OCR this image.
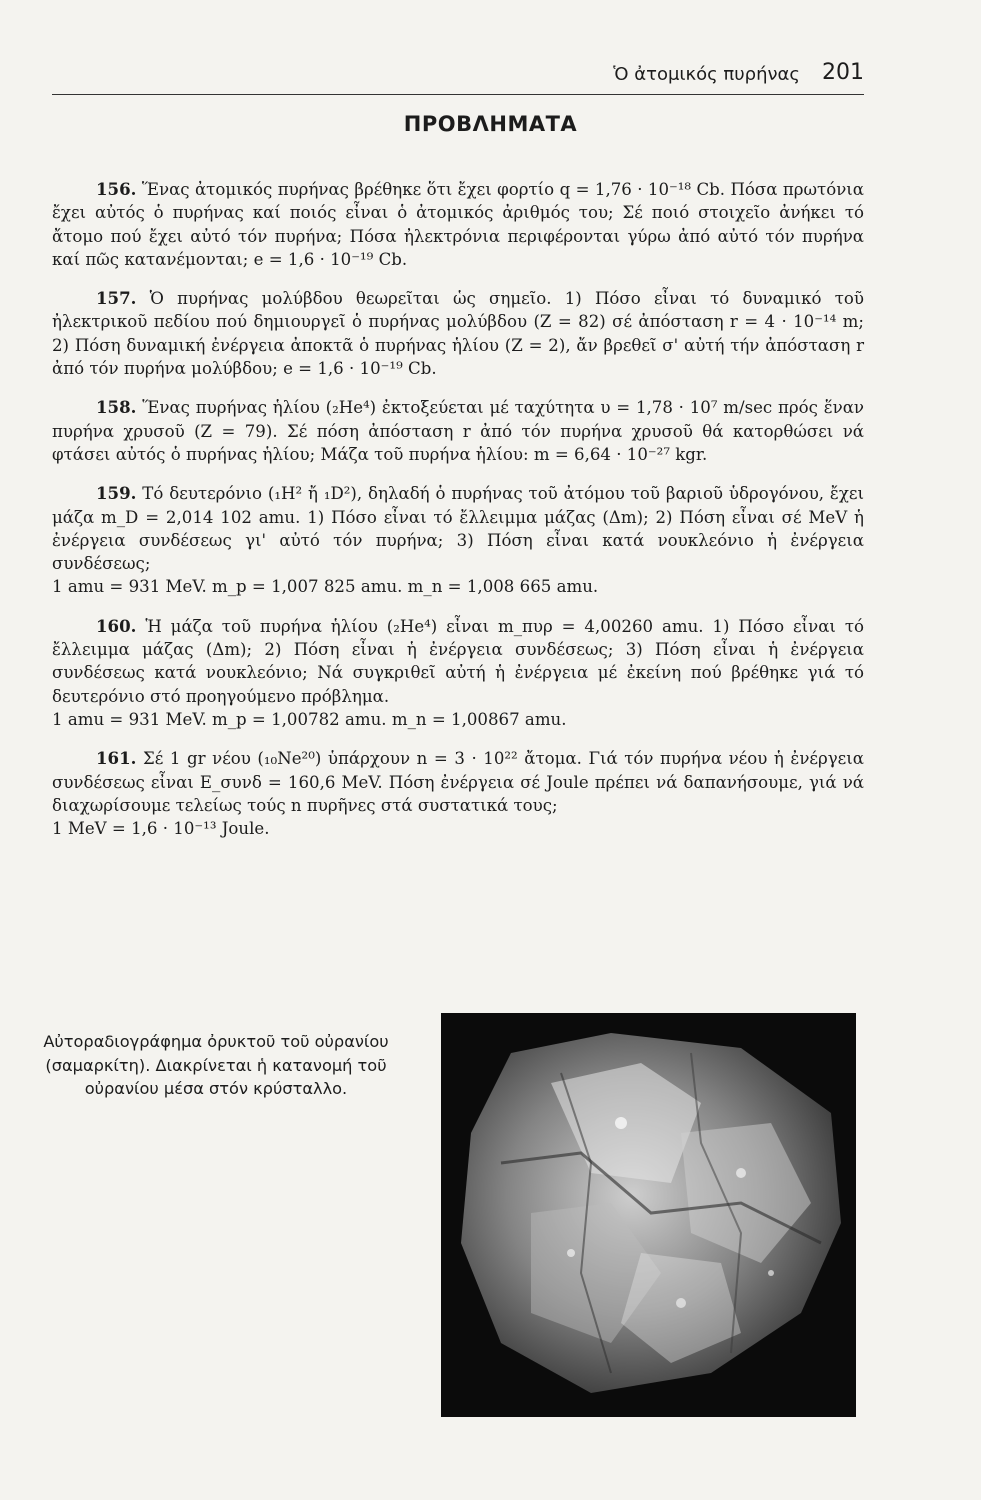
Ὁ ἀτομικός πυρήνας 201
ΠΡΟΒΛΗΜΑΤΑ

156. Ἕνας ἀτομικός πυρήνας βρέθηκε ὅτι ἔχει φορτίο q = 1,76 · 10⁻¹⁸ Cb. Πόσα πρωτόνια ἔχει αὐτός ὁ πυρήνας καί ποιός εἶναι ὁ ἀτομικός ἀριθμός του; Σέ ποιό στοιχεῖο ἀνήκει τό ἄτομο πού ἔχει αὐτό τόν πυρήνα; Πόσα ἠλεκτρόνια περιφέρονται γύρω ἀπό αὐτό τόν πυρήνα καί πῶς κατανέμονται; e = 1,6 · 10⁻¹⁹ Cb.

157. Ὁ πυρήνας μολύβδου θεωρεῖται ὡς σημεῖο. 1) Πόσο εἶναι τό δυναμικό τοῦ ἠλεκτρικοῦ πεδίου πού δημιουργεῖ ὁ πυρήνας μολύβδου (Z = 82) σέ ἀπόσταση r = 4 · 10⁻¹⁴ m; 2) Πόση δυναμική ἐνέργεια ἀποκτᾶ ὁ πυρήνας ἡλίου (Z = 2), ἄν βρεθεῖ σ' αὐτή τήν ἀπόσταση r ἀπό τόν πυρήνα μολύβδου; e = 1,6 · 10⁻¹⁹ Cb.

158. Ἕνας πυρήνας ἡλίου (₂He⁴) ἐκτοξεύεται μέ ταχύτητα υ = 1,78 · 10⁷ m/sec πρός ἕναν πυρήνα χρυσοῦ (Z = 79). Σέ πόση ἀπόσταση r ἀπό τόν πυρήνα χρυσοῦ θά κατορθώσει νά φτάσει αὐτός ὁ πυρήνας ἡλίου; Μάζα τοῦ πυρήνα ἡλίου: m = 6,64 · 10⁻²⁷ kgr.

159. Τό δευτερόνιο (₁H² ἤ ₁D²), δηλαδή ὁ πυρήνας τοῦ ἀτόμου τοῦ βαριοῦ ὑδρογόνου, ἔχει μάζα m_D = 2,014 102 amu. 1) Πόσο εἶναι τό ἔλλειμμα μάζας (Δm); 2) Πόση εἶναι σέ MeV ἡ ἐνέργεια συνδέσεως γι' αὐτό τόν πυρήνα; 3) Πόση εἶναι κατά νουκλεόνιο ἡ ἐνέργεια συνδέσεως;

1 amu = 931 MeV. m_p = 1,007 825 amu. m_n = 1,008 665 amu.

160. Ἡ μάζα τοῦ πυρήνα ἡλίου (₂He⁴) εἶναι m_πυρ = 4,00260 amu. 1) Πόσο εἶναι τό ἔλλειμμα μάζας (Δm); 2) Πόση εἶναι ἡ ἐνέργεια συνδέσεως; 3) Πόση εἶναι ἡ ἐνέργεια συνδέσεως κατά νουκλεόνιο; Νά συγκριθεῖ αὐτή ἡ ἐνέργεια μέ ἐκείνη πού βρέθηκε γιά τό δευτερόνιο στό προηγούμενο πρόβλημα.

1 amu = 931 MeV. m_p = 1,00782 amu. m_n = 1,00867 amu.

161. Σέ 1 gr νέου (₁₀Ne²⁰) ὑπάρχουν n = 3 · 10²² ἄτομα. Γιά τόν πυρήνα νέου ἡ ἐνέργεια συνδέσεως εἶναι E_συνδ = 160,6 MeV. Πόση ἐνέργεια σέ Joule πρέπει νά δαπανήσουμε, γιά νά διαχωρίσουμε τελείως τούς n πυρῆνες στά συστατικά τους;

1 MeV = 1,6 · 10⁻¹³ Joule.

Αὐτοραδιογράφημα ὀρυκτοῦ τοῦ οὐρανίου (σαμαρκίτη). Διακρίνεται ἡ κατανομή τοῦ οὐρανίου μέσα στόν κρύσταλλο.
